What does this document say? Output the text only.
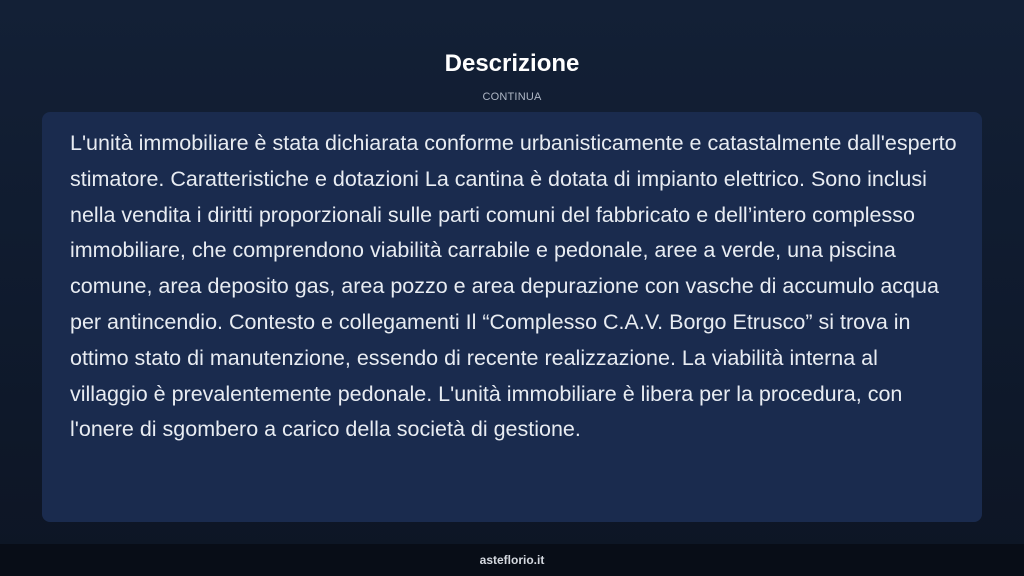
Descrizione
CONTINUA

L'unità immobiliare è stata dichiarata conforme urbanisticamente e catastalmente dall'esperto stimatore. Caratteristiche e dotazioni La cantina è dotata di impianto elettrico. Sono inclusi nella vendita i diritti proporzionali sulle parti comuni del fabbricato e dell’intero complesso immobiliare, che comprendono viabilità carrabile e pedonale, aree a verde, una piscina comune, area deposito gas, area pozzo e area depurazione con vasche di accumulo acqua per antincendio. Contesto e collegamenti Il “Complesso C.A.V. Borgo Etrusco” si trova in ottimo stato di manutenzione, essendo di recente realizzazione. La viabilità interna al villaggio è prevalentemente pedonale. L'unità immobiliare è libera per la procedura, con l'onere di sgombero a carico della società di gestione.

asteflorio.it
